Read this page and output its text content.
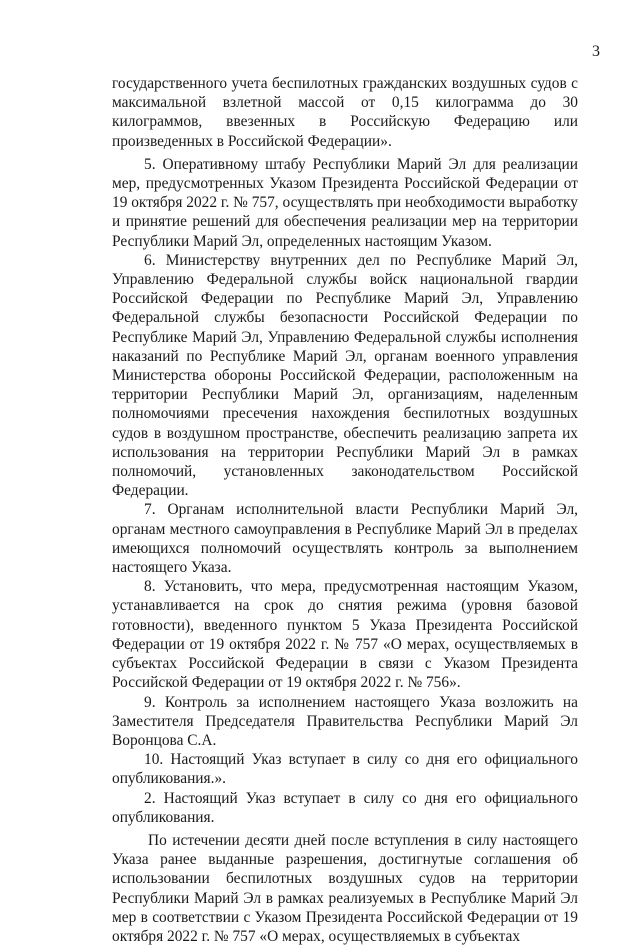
3

государственного учета беспилотных гражданских воздушных судов с максимальной взлетной массой от 0,15 килограмма до 30 килограммов, ввезенных в Российскую Федерацию или произведенных в Российской Федерации».

5. Оперативному штабу Республики Марий Эл для реализации мер, предусмотренных Указом Президента Российской Федерации от 19 октября 2022 г. № 757, осуществлять при необходимости выработку и принятие решений для обеспечения реализации мер на территории Республики Марий Эл, определенных настоящим Указом.

6. Министерству внутренних дел по Республике Марий Эл, Управлению Федеральной службы войск национальной гвардии Российской Федерации по Республике Марий Эл, Управлению Федеральной службы безопасности Российской Федерации по Республике Марий Эл, Управлению Федеральной службы исполнения наказаний по Республике Марий Эл, органам военного управления Министерства обороны Российской Федерации, расположенным на территории Республики Марий Эл, организациям, наделенным полномочиями пресечения нахождения беспилотных воздушных судов в воздушном пространстве, обеспечить реализацию запрета их использования на территории Республики Марий Эл в рамках полномочий, установленных законодательством Российской Федерации.

7. Органам исполнительной власти Республики Марий Эл, органам местного самоуправления в Республике Марий Эл в пределах имеющихся полномочий осуществлять контроль за выполнением настоящего Указа.

8. Установить, что мера, предусмотренная настоящим Указом, устанавливается на срок до снятия режима (уровня базовой готовности), введенного пунктом 5 Указа Президента Российской Федерации от 19 октября 2022 г. № 757 «О мерах, осуществляемых в субъектах Российской Федерации в связи с Указом Президента Российской Федерации от 19 октября 2022 г. № 756».

9. Контроль за исполнением настоящего Указа возложить на Заместителя Председателя Правительства Республики Марий Эл Воронцова С.А.

10. Настоящий Указ вступает в силу со дня его официального опубликования.».

2. Настоящий Указ вступает в силу со дня его официального опубликования.

По истечении десяти дней после вступления в силу настоящего Указа ранее выданные разрешения, достигнутые соглашения об использовании беспилотных воздушных судов на территории Республики Марий Эл в рамках реализуемых в Республике Марий Эл мер в соответствии с Указом Президента Российской Федерации от 19 октября 2022 г. № 757 «О мерах, осуществляемых в субъектах
